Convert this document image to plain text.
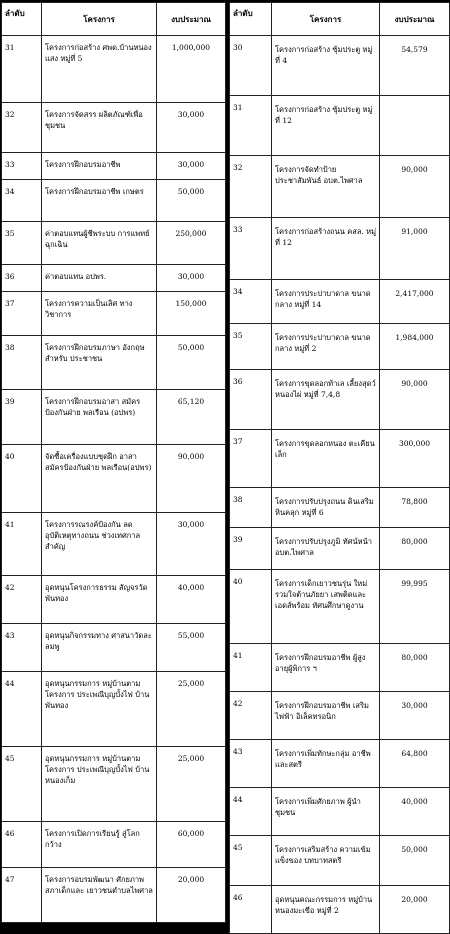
ลำดับ	โครงการ	งบประมาณ
31	โครงการก่อสร้าง ศพด.บ้านหนองแสง หมู่ที่ 5	1,000,000
32	โครงการจัดสรร ผลิตภัณฑ์เพื่อชุมชน	30,000
33	โครงการฝึกอบรมอาชีพ	30,000
34	โครงการฝึกอบรมอาชีพ เกษตร	50,000
35	ค่าตอบแทนผู้ชีพระบบ การแพทย์ฉุกเฉิน	250,000
36	ค่าตอบแทน อปพร.	30,000
37	โครงการความเป็นเลิศ ทางวิชาการ	150,000
38	โครงการฝึกอบรมภาษา อังกฤษสำหรับ ประชาชน	50,000
39	โครงการฝึกอบรมอาสา สมัครป้องกันฝ่าย พลเรือน (อปพร)	65,120
40	จัดซื้อเครื่องแบบชุดฝึก อาสาสมัครป้องกันฝ่าย พลเรือน(อปพร)	90,000
41	โครงการรณรงค์ป้องกัน ลดอุบัติเหตุทางถนน ช่วงเทศกาลสำคัญ	30,000
42	อุดหนุนโครงการธรรม สัญจรวัดพันทอง	40,000
43	อุดหนุนกิจกรรมทาง ศาสนาวัดละลมพู	55,000
44	อุดหนุนกรรมการ หมู่บ้านตามโครงการ ประเพณีบุญบั้งไฟ บ้าน พันทอง	25,000
45	อุดหนุนกรรมการ หมู่บ้านตามโครงการ ประเพณีบุญบั้งไฟ บ้าน หนองเก็ม	25,000
46	โครงการเปิดการเรียนรู้ สู่โลกกว้าง	60,000
47	โครงการอบรมพัฒนา ศักยภาพสภาเด็กและ เยาวชนตำบลไพศาล	20,000
ลำดับ	โครงการ	งบประมาณ
30	โครงการก่อสร้าง ซุ้มประตู หมู่ที่ 4	54,579
31	โครงการก่อสร้าง ซุ้มประตู หมู่ที่ 12	
32	โครงการจัดทำป้าย ประชาสัมพันธ์ อบต.ไพศาล	90,000
33	โครงการก่อสร้างถนน คสล. หมู่ที่ 12	91,000
34	โครงการประปาบาดาล ขนาดกลาง หมู่ที่ 14	2,417,000
35	โครงการประปาบาดาล ขนาดกลาง หมู่ที่ 2	1,984,000
36	โครงการขุดลอกท้าเล เลี้ยงสุดว์หนองไผ่ หมู่ที่ 7,4,8	90,000
37	โครงการขุดลอกหนอง ตะเคียนเล็ก	300,000
38	โครงการปรับปรุงถนน ดินเสริมหินคลุก หมู่ที่ 6	78,800
39	โครงการปรับปรุงภูมิ ทัศน์หน้า อบต.ไพศาล	80,000
40	โครงการเด็กเยาวชนรุ่น ใหม่ รวมใจต้านภัยยา เสพติดและเอดส์พร้อม ทัศนศึกษาดูงาน	99,995
41	โครงการฝึกอบรมอาชีพ ผู้สูงอายุผู้พิการ ฯ	80,000
42	โครงการฝึกอบรมอาชีพ เสริมไฟฟ้า อิเล็คทรอนิก	30,000
43	โครงการเพิ่มทักษะกลุ่ม อาชีพและสตรี	64,800
44	โครงการเพิ่มศักยภาพ ผู้นำชุมชน	40,000
45	โครงการเสริมสร้าง ความเข้มแข็งของ บทบาทสตรี	50,000
46	อุดหนุนคณะกรรมการ หมู่บ้านหนองมะเขือ หมู่ที่ 2	20,000
